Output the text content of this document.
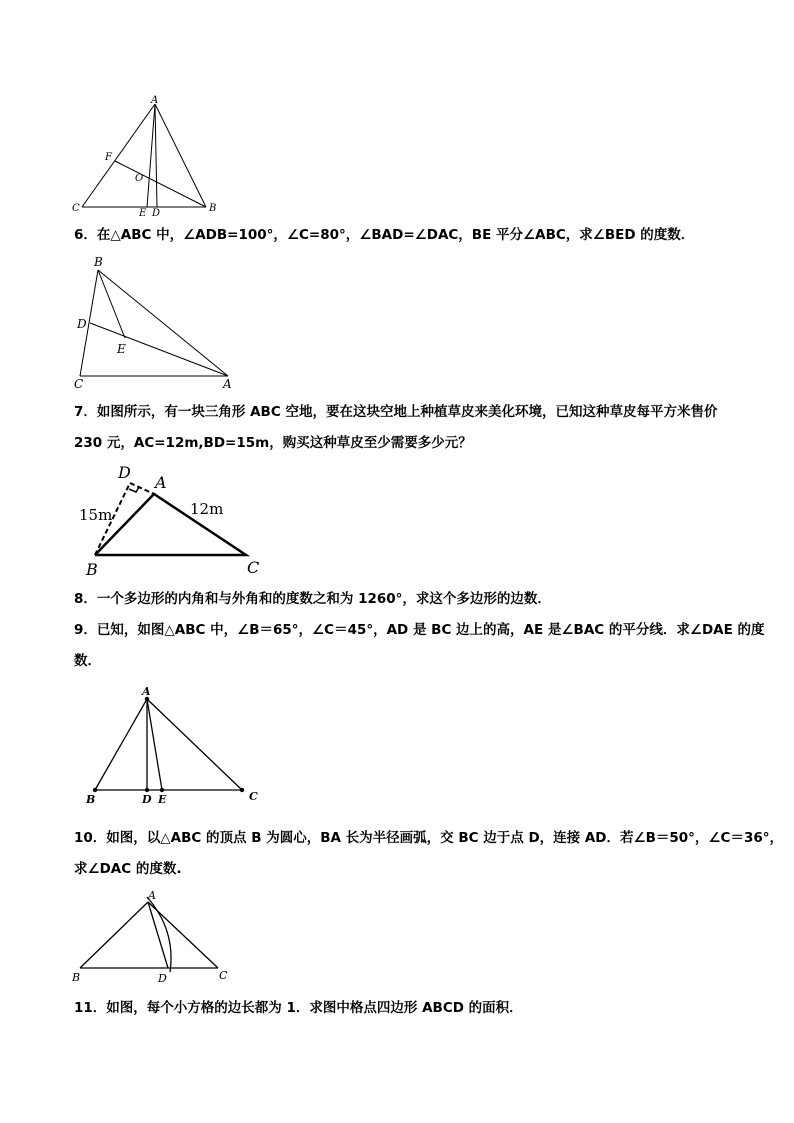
A
F
O
C	E D	B
6．在△ABC 中，∠ADB=100°，∠C=80°，∠BAD=∠DAC，BE 平分∠ABC，求∠BED 的度数．
B
D
E
C	A
7．如图所示，有一块三角形 ABC 空地，要在这块空地上种植草皮来美化环境，已知这种草皮每平方米售价
230 元，AC=12m,BD=15m，购买这种草皮至少需要多少元？
D
A
B	C
15m	12m
8．一个多边形的内角和与外角和的度数之和为 1260°，求这个多边形的边数．
9．已知，如图△ABC 中，∠B＝65°，∠C＝45°，AD 是 BC 边上的高，AE 是∠BAC 的平分线．求∠DAE 的度
数．
A
B	D E	C
10．如图，以△ABC 的顶点 B 为圆心，BA 长为半径画弧，交 BC 边于点 D，连接 AD．若∠B＝50°，∠C＝36°，
求∠DAC 的度数.
A
B	D	C
11．如图，每个小方格的边长都为 1．求图中格点四边形 ABCD 的面积．
